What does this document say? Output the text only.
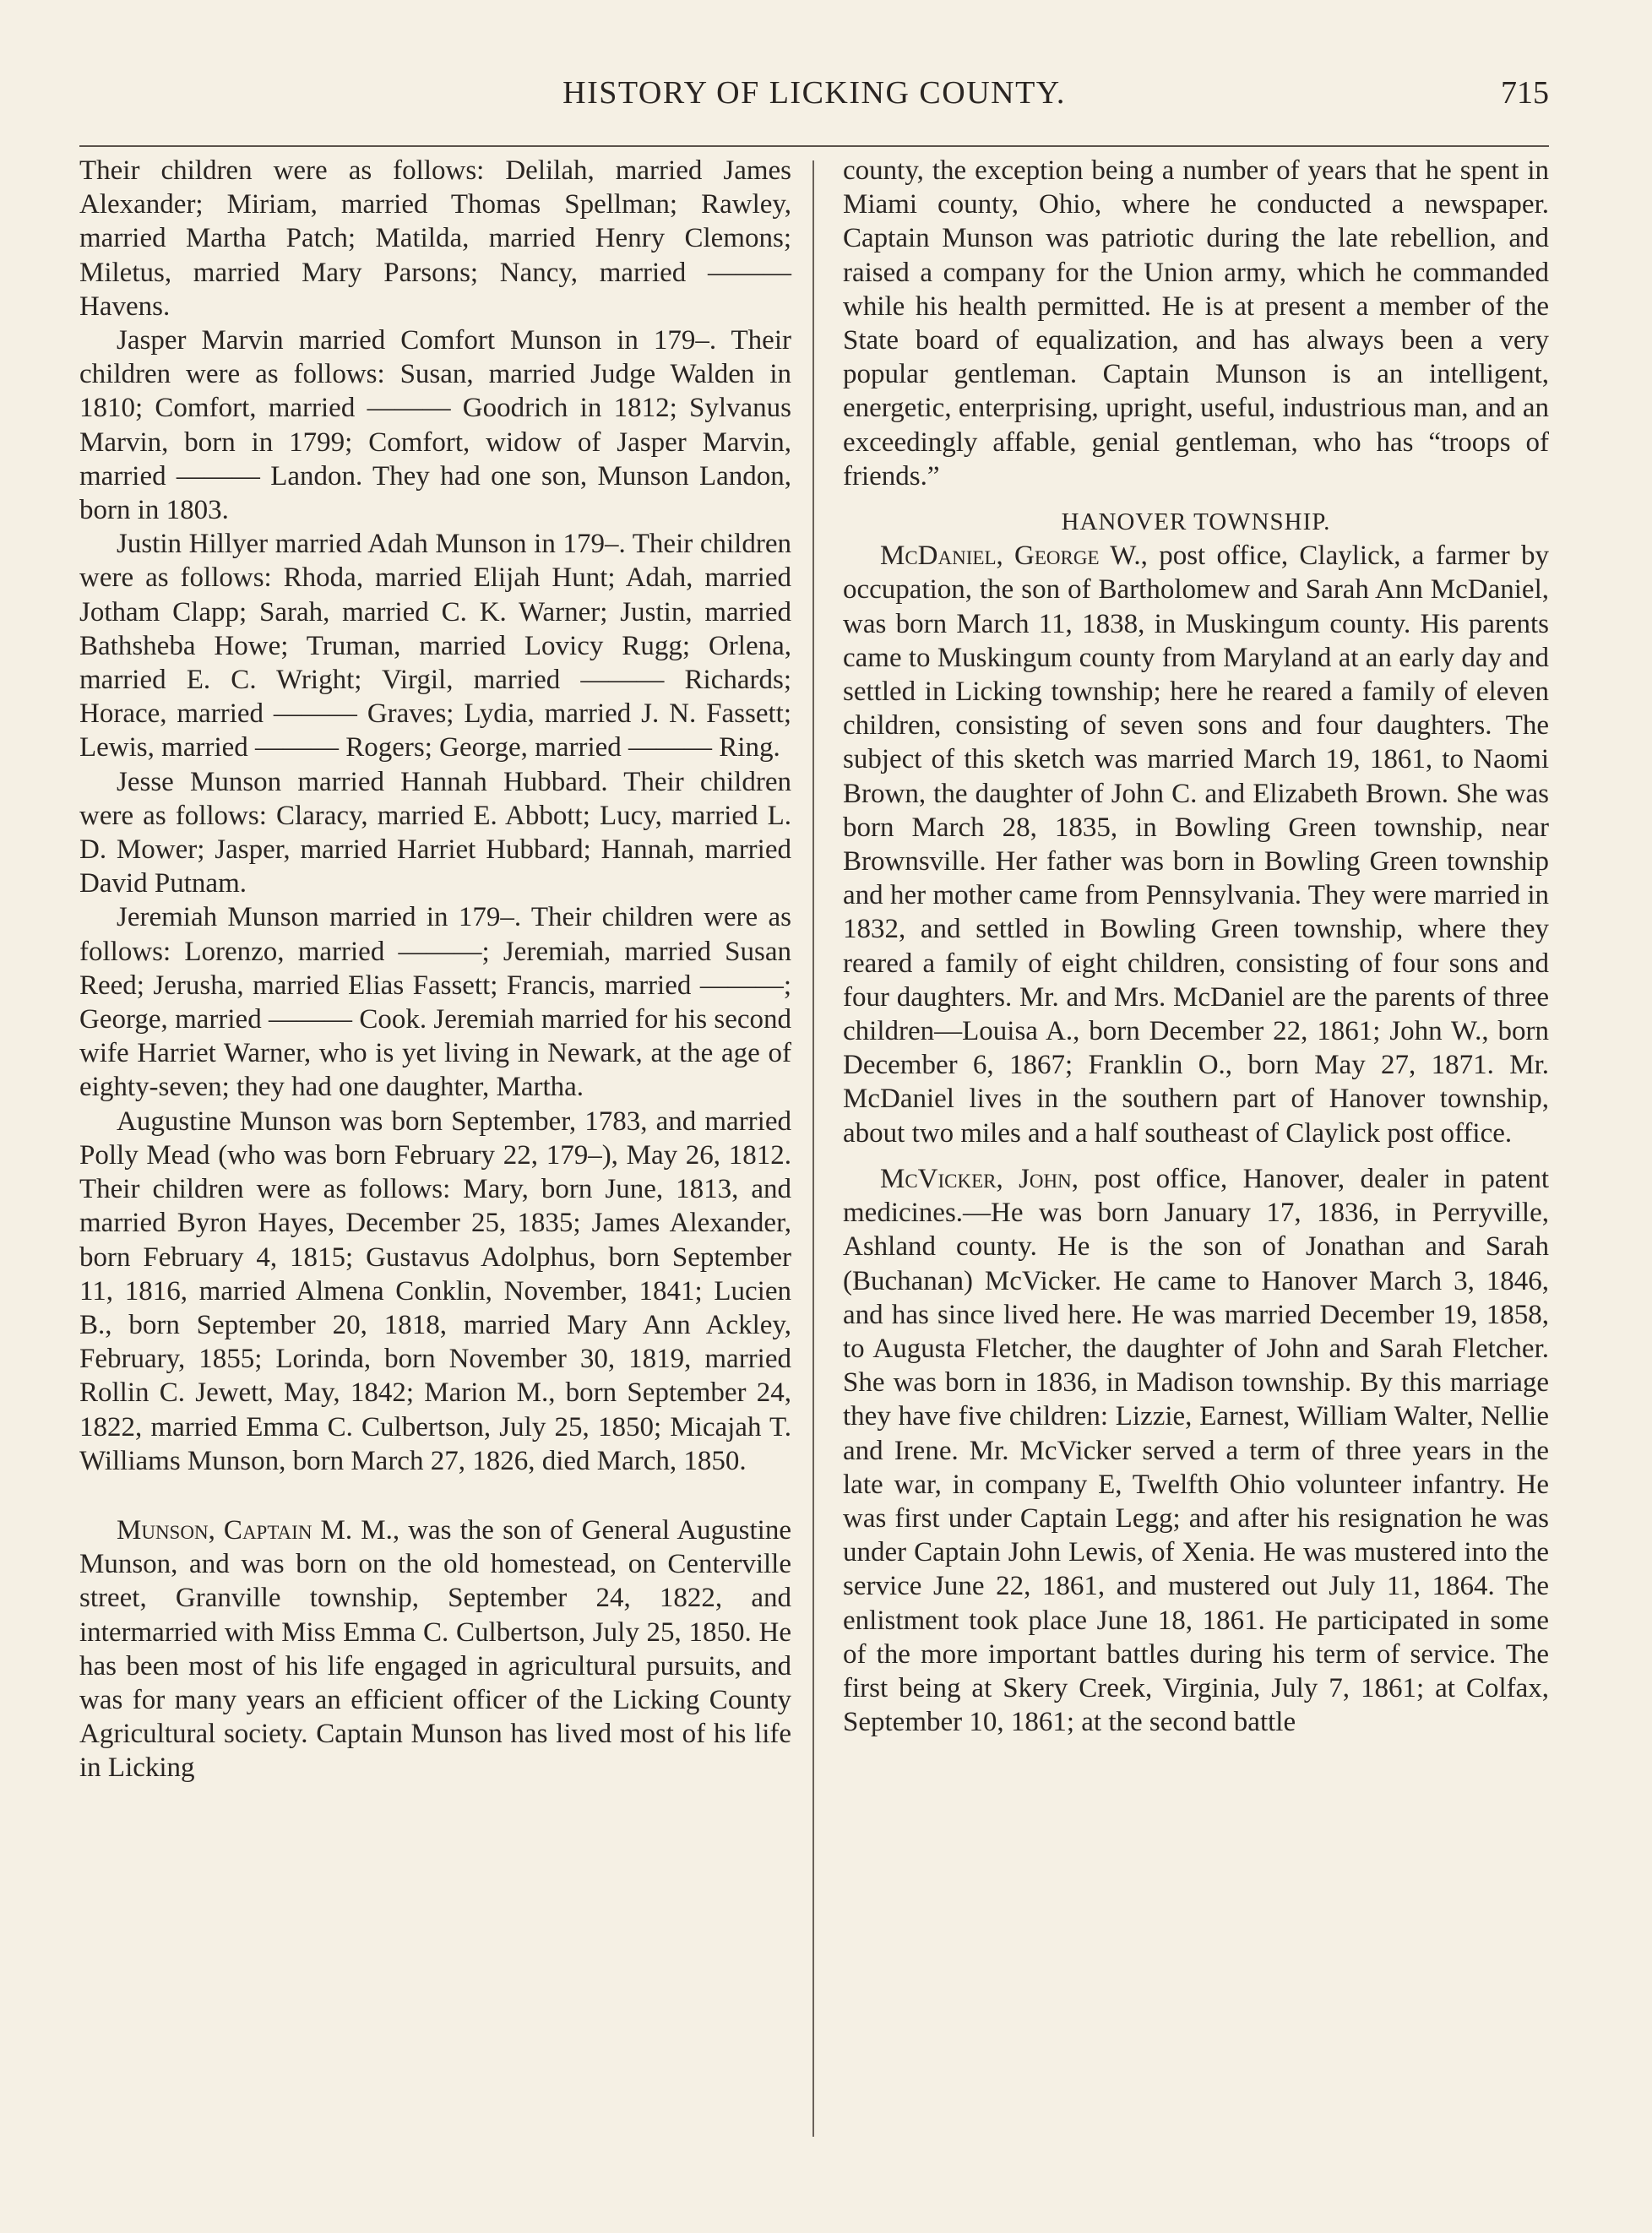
HISTORY OF LICKING COUNTY.	715

Their children were as follows: Delilah, married James Alexander; Miriam, married Thomas Spellman; Rawley, married Martha Patch; Matilda, married Henry Clemons; Miletus, married Mary Parsons; Nancy, married ——— Havens.

Jasper Marvin married Comfort Munson in 179–. Their children were as follows: Susan, married Judge Walden in 1810; Comfort, married ——— Goodrich in 1812; Sylvanus Marvin, born in 1799; Comfort, widow of Jasper Marvin, married ——— Landon. They had one son, Munson Landon, born in 1803.

Justin Hillyer married Adah Munson in 179–. Their children were as follows: Rhoda, married Elijah Hunt; Adah, married Jotham Clapp; Sarah, married C. K. Warner; Justin, married Bathsheba Howe; Truman, married Lovicy Rugg; Orlena, married E. C. Wright; Virgil, married ——— Richards; Horace, married ——— Graves; Lydia, married J. N. Fassett; Lewis, married ——— Rogers; George, married ——— Ring.

Jesse Munson married Hannah Hubbard. Their children were as follows: Claracy, married E. Abbott; Lucy, married L. D. Mower; Jasper, married Harriet Hubbard; Hannah, married David Putnam.

Jeremiah Munson married in 179–. Their children were as follows: Lorenzo, married ———; Jeremiah, married Susan Reed; Jerusha, married Elias Fassett; Francis, married ———; George, married ——— Cook. Jeremiah married for his second wife Harriet Warner, who is yet living in Newark, at the age of eighty-seven; they had one daughter, Martha.

Augustine Munson was born September, 1783, and married Polly Mead (who was born February 22, 179–), May 26, 1812. Their children were as follows: Mary, born June, 1813, and married Byron Hayes, December 25, 1835; James Alexander, born February 4, 1815; Gustavus Adolphus, born September 11, 1816, married Almena Conklin, November, 1841; Lucien B., born September 20, 1818, married Mary Ann Ackley, February, 1855; Lorinda, born November 30, 1819, married Rollin C. Jewett, May, 1842; Marion M., born September 24, 1822, married Emma C. Culbertson, July 25, 1850; Micajah T. Williams Munson, born March 27, 1826, died March, 1850.

Munson, Captain M. M., was the son of General Augustine Munson, and was born on the old homestead, on Centerville street, Granville township, September 24, 1822, and intermarried with Miss Emma C. Culbertson, July 25, 1850. He has been most of his life engaged in agricultural pursuits, and was for many years an efficient officer of the Licking County Agricultural society. Captain Munson has lived most of his life in Licking

county, the exception being a number of years that he spent in Miami county, Ohio, where he conducted a newspaper. Captain Munson was patriotic during the late rebellion, and raised a company for the Union army, which he commanded while his health permitted. He is at present a member of the State board of equalization, and has always been a very popular gentleman. Captain Munson is an intelligent, energetic, enterprising, upright, useful, industrious man, and an exceedingly affable, genial gentleman, who has “troops of friends.”

HANOVER TOWNSHIP.

McDaniel, George W., post office, Claylick, a farmer by occupation, the son of Bartholomew and Sarah Ann McDaniel, was born March 11, 1838, in Muskingum county. His parents came to Muskingum county from Maryland at an early day and settled in Licking township; here he reared a family of eleven children, consisting of seven sons and four daughters. The subject of this sketch was married March 19, 1861, to Naomi Brown, the daughter of John C. and Elizabeth Brown. She was born March 28, 1835, in Bowling Green township, near Brownsville. Her father was born in Bowling Green township and her mother came from Pennsylvania. They were married in 1832, and settled in Bowling Green township, where they reared a family of eight children, consisting of four sons and four daughters. Mr. and Mrs. McDaniel are the parents of three children—Louisa A., born December 22, 1861; John W., born December 6, 1867; Franklin O., born May 27, 1871. Mr. McDaniel lives in the southern part of Hanover township, about two miles and a half southeast of Claylick post office.

McVicker, John, post office, Hanover, dealer in patent medicines.—He was born January 17, 1836, in Perryville, Ashland county. He is the son of Jonathan and Sarah (Buchanan) McVicker. He came to Hanover March 3, 1846, and has since lived here. He was married December 19, 1858, to Augusta Fletcher, the daughter of John and Sarah Fletcher. She was born in 1836, in Madison township. By this marriage they have five children: Lizzie, Earnest, William Walter, Nellie and Irene. Mr. McVicker served a term of three years in the late war, in company E, Twelfth Ohio volunteer infantry. He was first under Captain Legg; and after his resignation he was under Captain John Lewis, of Xenia. He was mustered into the service June 22, 1861, and mustered out July 11, 1864. The enlistment took place June 18, 1861. He participated in some of the more important battles during his term of service. The first being at Skery Creek, Virginia, July 7, 1861; at Colfax, September 10, 1861; at the second battle
